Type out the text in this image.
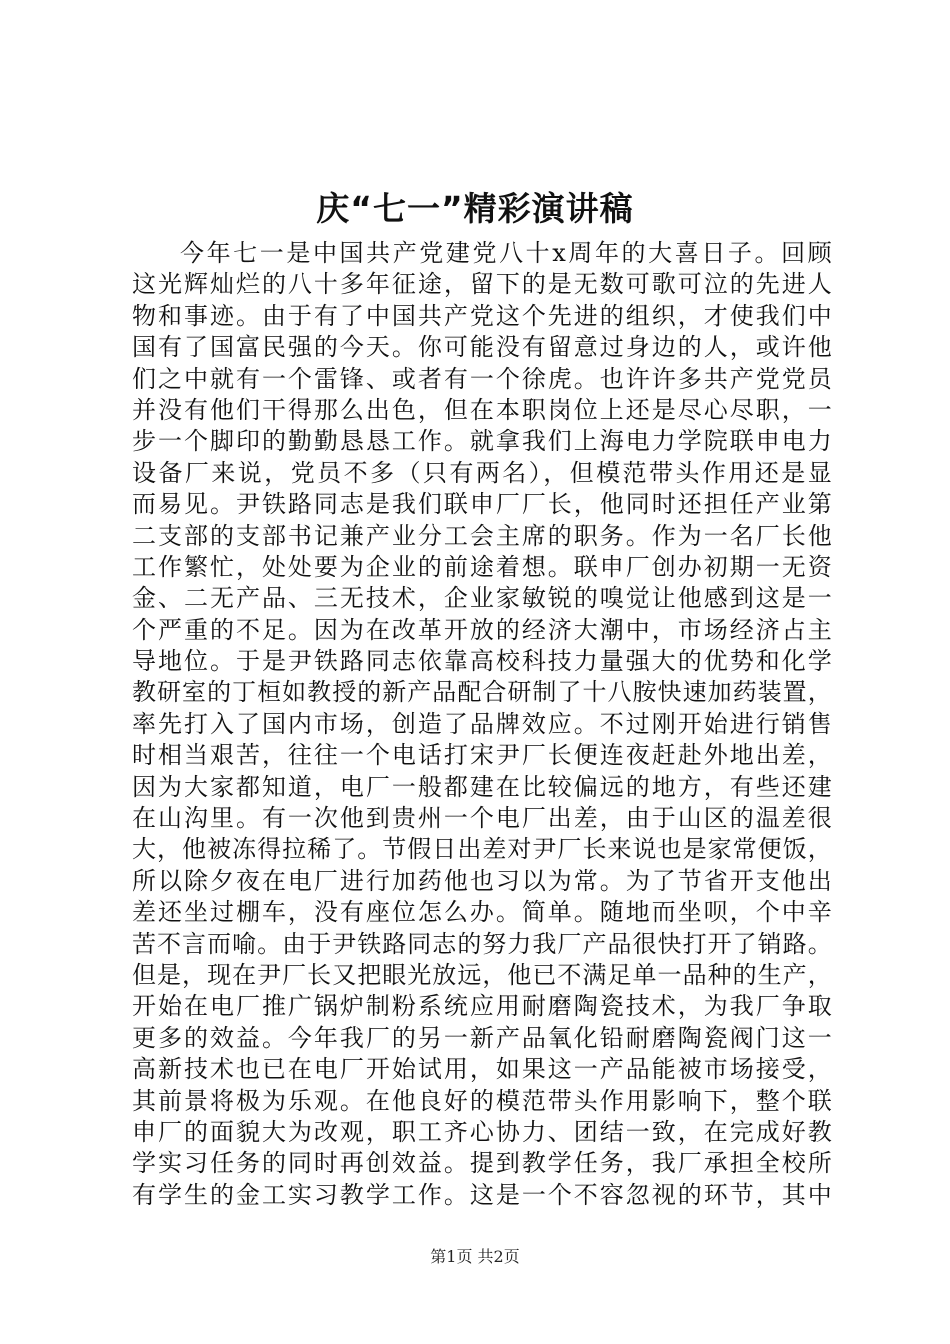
庆“七一”精彩演讲稿
今年七一是中国共产党建党八十x周年的大喜日子。回顾
这光辉灿烂的八十多年征途，留下的是无数可歌可泣的先进人
物和事迹。由于有了中国共产党这个先进的组织，才使我们中
国有了国富民强的今天。你可能没有留意过身边的人，或许他
们之中就有一个雷锋、或者有一个徐虎。也许许多共产党党员
并没有他们干得那么出色，但在本职岗位上还是尽心尽职，一
步一个脚印的勤勤恳恳工作。就拿我们上海电力学院联申电力
设备厂来说，党员不多（只有两名），但模范带头作用还是显
而易见。尹铁路同志是我们联申厂厂长，他同时还担任产业第
二支部的支部书记兼产业分工会主席的职务。作为一名厂长他
工作繁忙，处处要为企业的前途着想。联申厂创办初期一无资
金、二无产品、三无技术，企业家敏锐的嗅觉让他感到这是一
个严重的不足。因为在改革开放的经济大潮中，市场经济占主
导地位。于是尹铁路同志依靠高校科技力量强大的优势和化学
教研室的丁桓如教授的新产品配合研制了十八胺快速加药装置，
率先打入了国内市场，创造了品牌效应。不过刚开始进行销售
时相当艰苦，往往一个电话打宋尹厂长便连夜赶赴外地出差，
因为大家都知道，电厂一般都建在比较偏远的地方，有些还建
在山沟里。有一次他到贵州一个电厂出差，由于山区的温差很
大，他被冻得拉稀了。节假日出差对尹厂长来说也是家常便饭，
所以除夕夜在电厂进行加药他也习以为常。为了节省开支他出
差还坐过棚车，没有座位怎么办。简单。随地而坐呗，个中辛
苦不言而喻。由于尹铁路同志的努力我厂产品很快打开了销路。
但是，现在尹厂长又把眼光放远，他已不满足单一品种的生产，
开始在电厂推广锅炉制粉系统应用耐磨陶瓷技术，为我厂争取
更多的效益。今年我厂的另一新产品氧化铅耐磨陶瓷阀门这一
高新技术也已在电厂开始试用，如果这一产品能被市场接受，
其前景将极为乐观。在他良好的模范带头作用影响下，整个联
申厂的面貌大为改观，职工齐心协力、团结一致，在完成好教
学实习任务的同时再创效益。提到教学任务，我厂承担全校所
有学生的金工实习教学工作。这是一个不容忽视的环节，其中
第1页 共2页
